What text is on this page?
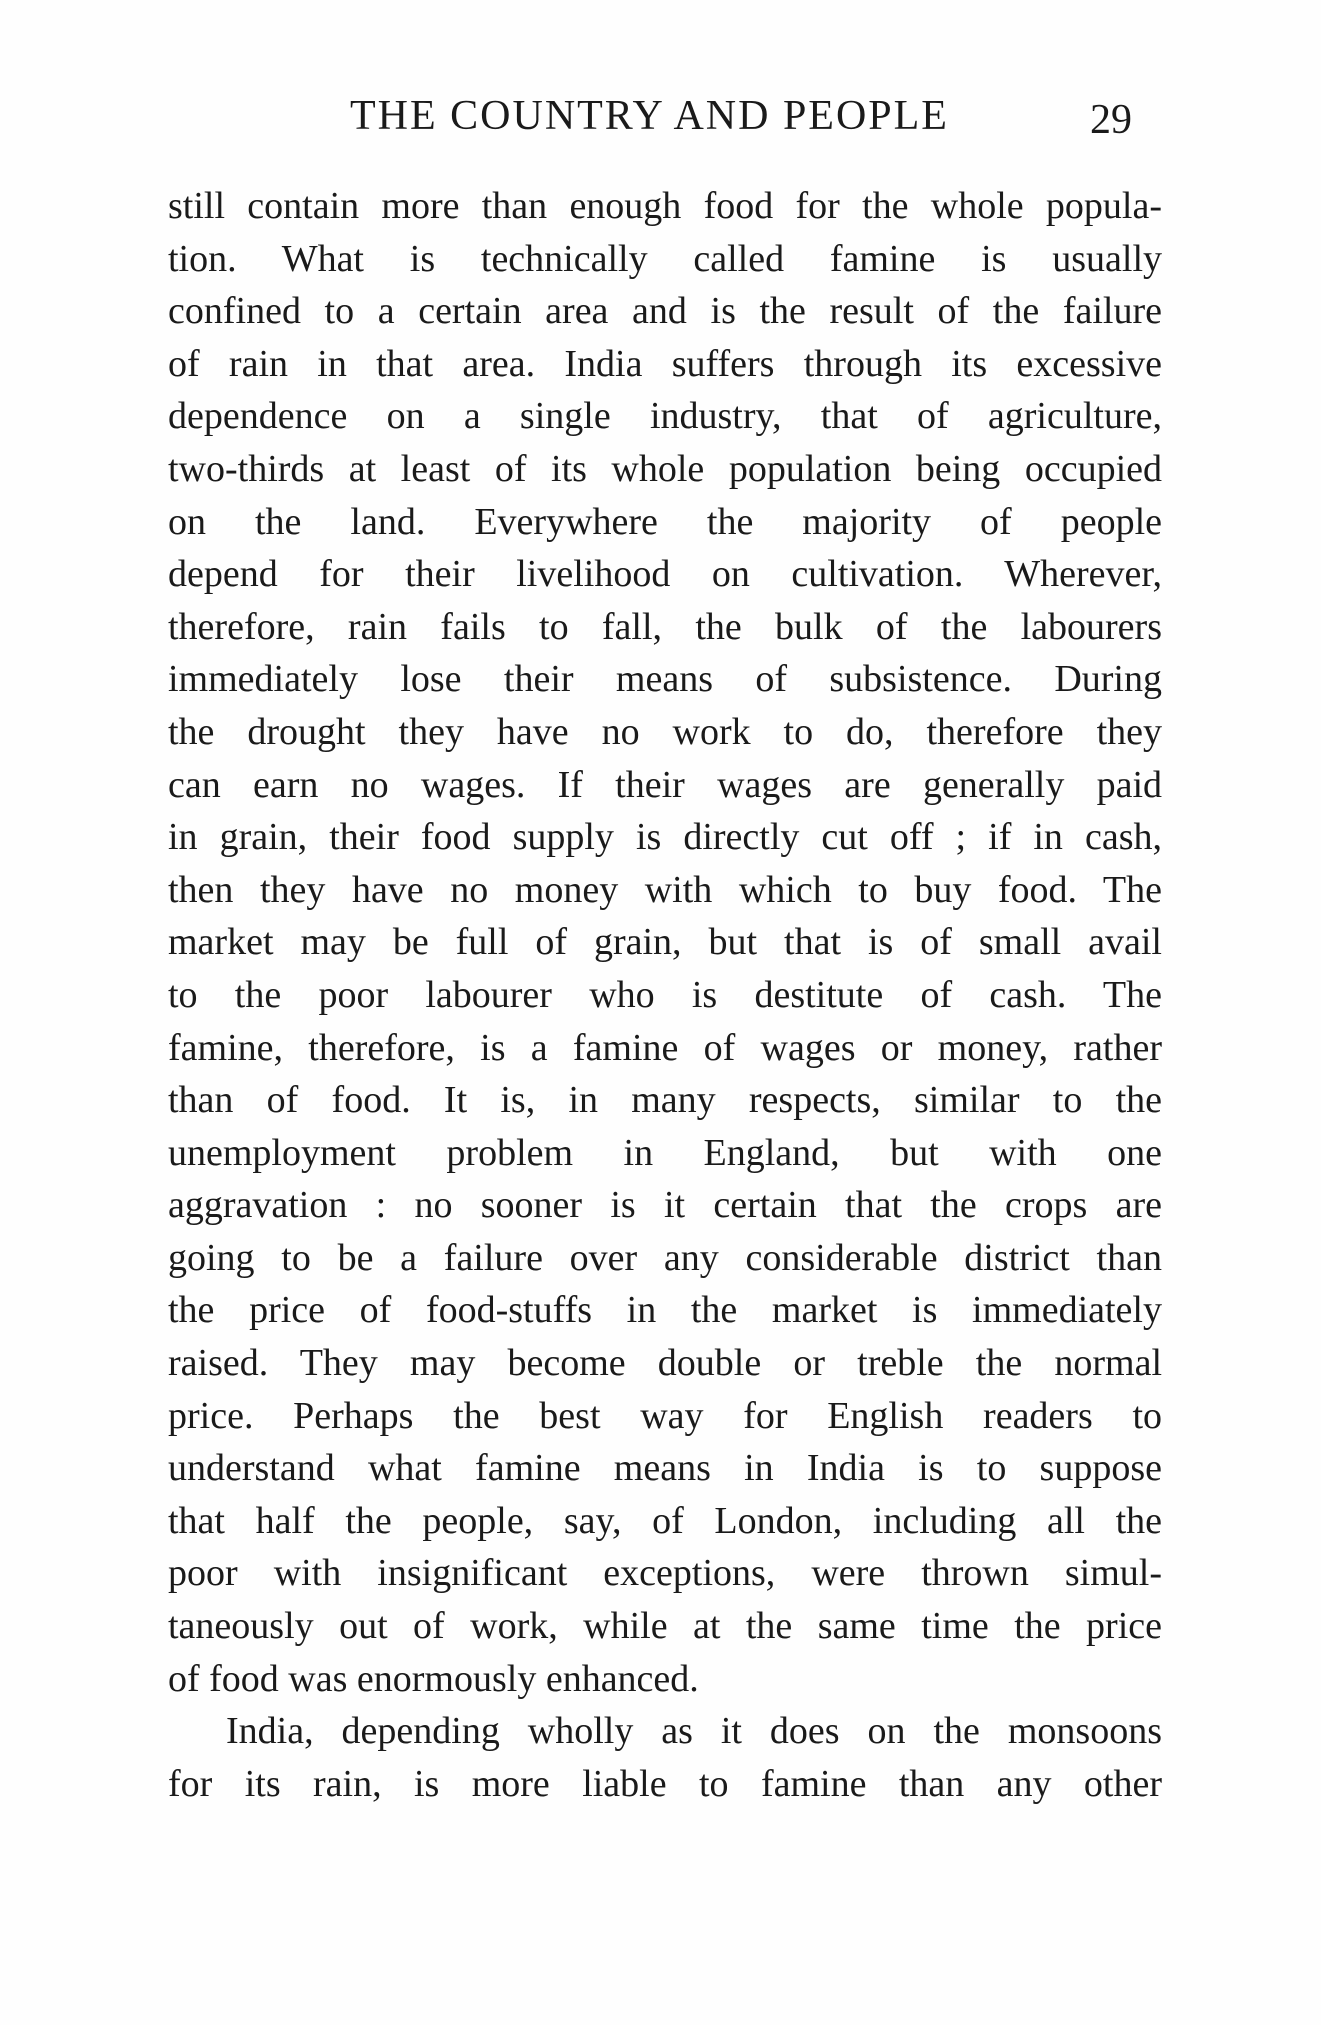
THE COUNTRY AND PEOPLE	29
still contain more than enough food for the whole popula-
tion. What is technically called famine is usually
confined to a certain area and is the result of the failure
of rain in that area. India suffers through its excessive
dependence on a single industry, that of agriculture,
two-thirds at least of its whole population being occupied
on the land. Everywhere the majority of people
depend for their livelihood on cultivation. Wherever,
therefore, rain fails to fall, the bulk of the labourers
immediately lose their means of subsistence. During
the drought they have no work to do, therefore they
can earn no wages. If their wages are generally paid
in grain, their food supply is directly cut off ; if in cash,
then they have no money with which to buy food. The
market may be full of grain, but that is of small avail
to the poor labourer who is destitute of cash. The
famine, therefore, is a famine of wages or money, rather
than of food. It is, in many respects, similar to the
unemployment problem in England, but with one
aggravation : no sooner is it certain that the crops are
going to be a failure over any considerable district than
the price of food-stuffs in the market is immediately
raised. They may become double or treble the normal
price. Perhaps the best way for English readers to
understand what famine means in India is to suppose
that half the people, say, of London, including all the
poor with insignificant exceptions, were thrown simul-
taneously out of work, while at the same time the price
of food was enormously enhanced.
India, depending wholly as it does on the monsoons
for its rain, is more liable to famine than any other
